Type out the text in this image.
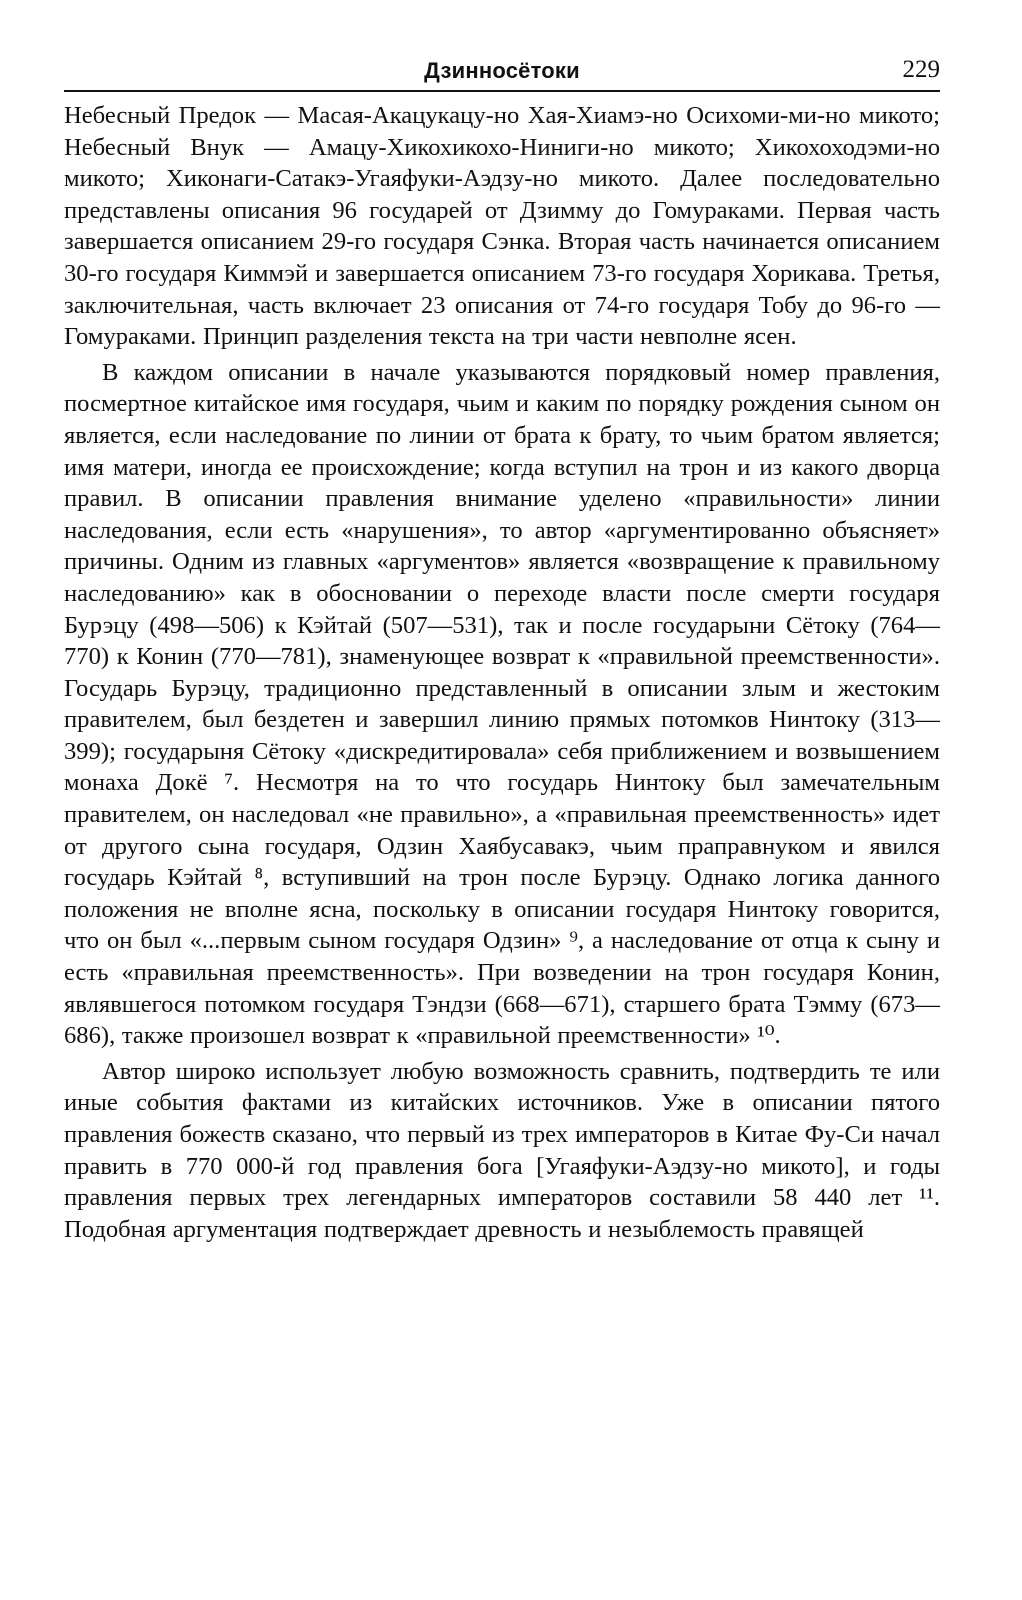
Дзинносётоки	229

Небесный Предок — Масая-Акацукацу-но Хая-Хиамэ-но Осихоми-ми-но микото; Небесный Внук — Амацу-Хикохикохо-Ниниги-но микото; Хикохоходэми-но микото; Хиконаги-Сатакэ-Угаяфуки-Аэдзу-но микото. Далее последовательно представлены описания 96 государей от Дзимму до Гомураками. Первая часть завершается описанием 29-го государя Сэнка. Вторая часть начинается описанием 30-го государя Киммэй и завершается описанием 73-го государя Хорикава. Третья, заключительная, часть включает 23 описания от 74-го государя Тобу до 96-го — Гомураками. Принцип разделения текста на три части невполне ясен.

В каждом описании в начале указываются порядковый номер правления, посмертное китайское имя государя, чьим и каким по порядку рождения сыном он является, если наследование по линии от брата к брату, то чьим братом является; имя матери, иногда ее происхождение; когда вступил на трон и из какого дворца правил. В описании правления внимание уделено «правильности» линии наследования, если есть «нарушения», то автор «аргументированно объясняет» причины. Одним из главных «аргументов» является «возвращение к правильному наследованию» как в обосновании о переходе власти после смерти государя Бурэцу (498—506) к Кэйтай (507—531), так и после государыни Сётоку (764—770) к Конин (770—781), знаменующее возврат к «правильной преемственности». Государь Бурэцу, традиционно представленный в описании злым и жестоким правителем, был бездетен и завершил линию прямых потомков Нинтоку (313—399); государыня Сётоку «дискредитировала» себя приближением и возвышением монаха Докё ⁷. Несмотря на то что государь Нинтоку был замечательным правителем, он наследовал «не правильно», а «правильная преемственность» идет от другого сына государя, Одзин Хаябусавакэ, чьим праправнуком и явился государь Кэйтай ⁸, вступивший на трон после Бурэцу. Однако логика данного положения не вполне ясна, поскольку в описании государя Нинтоку говорится, что он был «...первым сыном государя Одзин» ⁹, а наследование от отца к сыну и есть «правильная преемственность». При возведении на трон государя Конин, являвшегося потомком государя Тэндзи (668—671), старшего брата Тэмму (673—686), также произошел возврат к «правильной преемственности» ¹⁰.

Автор широко использует любую возможность сравнить, подтвердить те или иные события фактами из китайских источников. Уже в описании пятого правления божеств сказано, что первый из трех императоров в Китае Фу-Си начал править в 770 000-й год правления бога [Угаяфуки-Аэдзу-но микото], и годы правления первых трех легендарных императоров составили 58 440 лет ¹¹. Подобная аргументация подтверждает древность и незыблемость правящей
